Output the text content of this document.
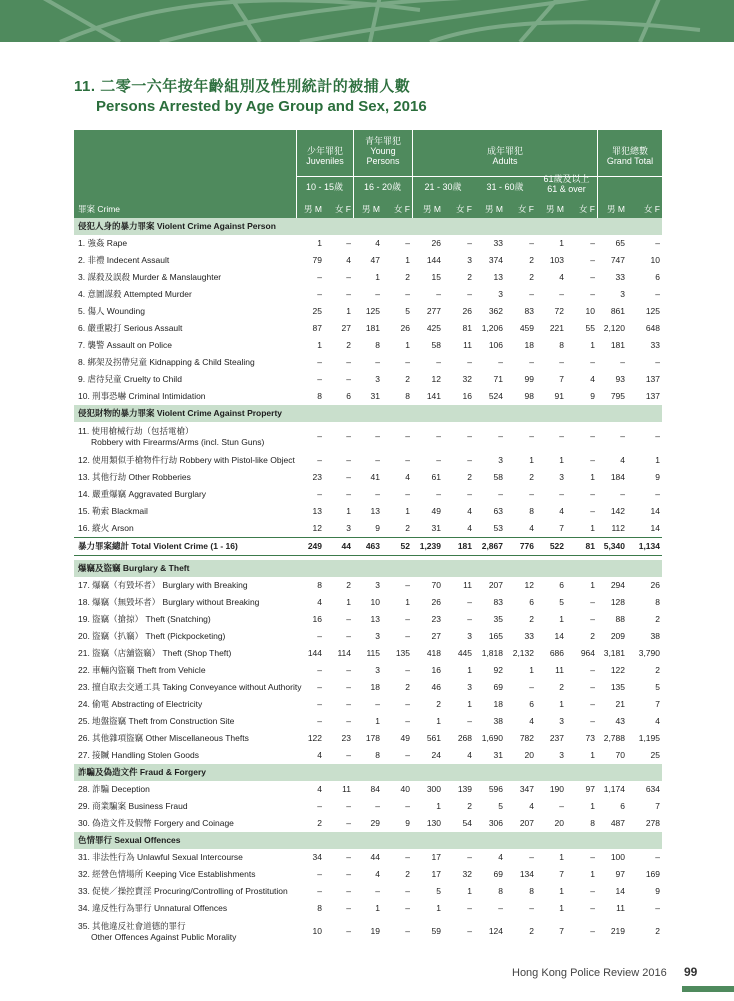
11. 二零一六年按年齡組別及性別統計的被捕人數
Persons Arrested by Age Group and Sex, 2016
罪案 Crime
少年罪犯
Juveniles
青年罪犯
Young
Persons
成年罪犯
Adults
罪犯總數
Grand Total
10 - 15歲	16 - 20歲	21 - 30歲	31 - 60歲
61歲及以上
61 & over
男 M	女 F	男 M	女 F	男 M	女 F	男 M	女 F	男 M	女 F	男 M	女 F
侵犯人身的暴力罪案 Violent Crime Against Person
1. 強姦 Rape	1	–	4	–	26	–	33	–	1	–	65	–
2. 非禮 Indecent Assault	79	4	47	1	144	3	374	2	103	–	747	10
3. 謀殺及誤殺 Murder & Manslaughter	–	–	1	2	15	2	13	2	4	–	33	6
4. 意圖謀殺 Attempted Murder	–	–	–	–	–	–	3	–	–	–	3	–
5. 傷人 Wounding	25	1	125	5	277	26	362	83	72	10	861	125
6. 嚴重毆打 Serious Assault	87	27	181	26	425	81	1,206	459	221	55	2,120	648
7. 襲警 Assault on Police	1	2	8	1	58	11	106	18	8	1	181	33
8. 綁架及拐帶兒童 Kidnapping & Child Stealing	–	–	–	–	–	–	–	–	–	–	–	–
9. 虐待兒童 Cruelty to Child	–	–	3	2	12	32	71	99	7	4	93	137
10. 刑事恐嚇 Criminal Intimidation	8	6	31	8	141	16	524	98	91	9	795	137
侵犯財物的暴力罪案 Violent Crime Against Property
11. 使用槍械行劫（包括電槍）
Robbery with Firearms/Arms (incl. Stun Guns)
–	–	–	–	–	–	–	–	–	–	–	–
12. 使用類似手槍物件行劫 Robbery with Pistol-like Object	–	–	–	–	–	–	3	1	1	–	4	1
13. 其他行劫 Other Robberies	23	–	41	4	61	2	58	2	3	1	184	9
14. 嚴重爆竊 Aggravated Burglary	–	–	–	–	–	–	–	–	–	–	–	–
15. 勒索 Blackmail	13	1	13	1	49	4	63	8	4	–	142	14
16. 縱火 Arson	12	3	9	2	31	4	53	4	7	1	112	14
暴力罪案總計 Total Violent Crime (1 - 16)	249	44	463	52	1,239	181	2,867	776	522	81	5,340	1,134
爆竊及盜竊 Burglary & Theft
17. 爆竊（有毀坏者） Burglary with Breaking	8	2	3	–	70	11	207	12	6	1	294	26
18. 爆竊（無毀坏者） Burglary without Breaking	4	1	10	1	26	–	83	6	5	–	128	8
19. 盜竊（搶掠） Theft (Snatching)	16	–	13	–	23	–	35	2	1	–	88	2
20. 盜竊（扒竊） Theft (Pickpocketing)	–	–	3	–	27	3	165	33	14	2	209	38
21. 盜竊（店舖盜竊） Theft (Shop Theft)	144	114	115	135	418	445	1,818	2,132	686	964	3,181	3,790
22. 車輛內盜竊 Theft from Vehicle	–	–	3	–	16	1	92	1	11	–	122	2
23. 擅自取去交通工具 Taking Conveyance without Authority	–	–	18	2	46	3	69	–	2	–	135	5
24. 偷電 Abstracting of Electricity	–	–	–	–	2	1	18	6	1	–	21	7
25. 地盤盜竊 Theft from Construction Site	–	–	1	–	1	–	38	4	3	–	43	4
26. 其他雜項盜竊 Other Miscellaneous Thefts	122	23	178	49	561	268	1,690	782	237	73	2,788	1,195
27. 接贓 Handling Stolen Goods	4	–	8	–	24	4	31	20	3	1	70	25
詐騙及偽造文件 Fraud & Forgery
28. 詐騙 Deception	4	11	84	40	300	139	596	347	190	97	1,174	634
29. 商業騙案 Business Fraud	–	–	–	–	1	2	5	4	–	1	6	7
30. 偽造文件及假幣 Forgery and Coinage	2	–	29	9	130	54	306	207	20	8	487	278
色情罪行 Sexual Offences
31. 非法性行為 Unlawful Sexual Intercourse	34	–	44	–	17	–	4	–	1	–	100	–
32. 經營色情場所 Keeping Vice Establishments	–	–	4	2	17	32	69	134	7	1	97	169
33. 促使／操控賣淫 Procuring/Controlling of Prostitution	–	–	–	–	5	1	8	8	1	–	14	9
34. 違反性行為罪行 Unnatural Offences	8	–	1	–	1	–	–	–	1	–	11	–
35. 其他違反社會道德的罪行
Other Offences Against Public Morality
10	–	19	–	59	–	124	2	7	–	219	2
Hong Kong Police Review 2016 99
